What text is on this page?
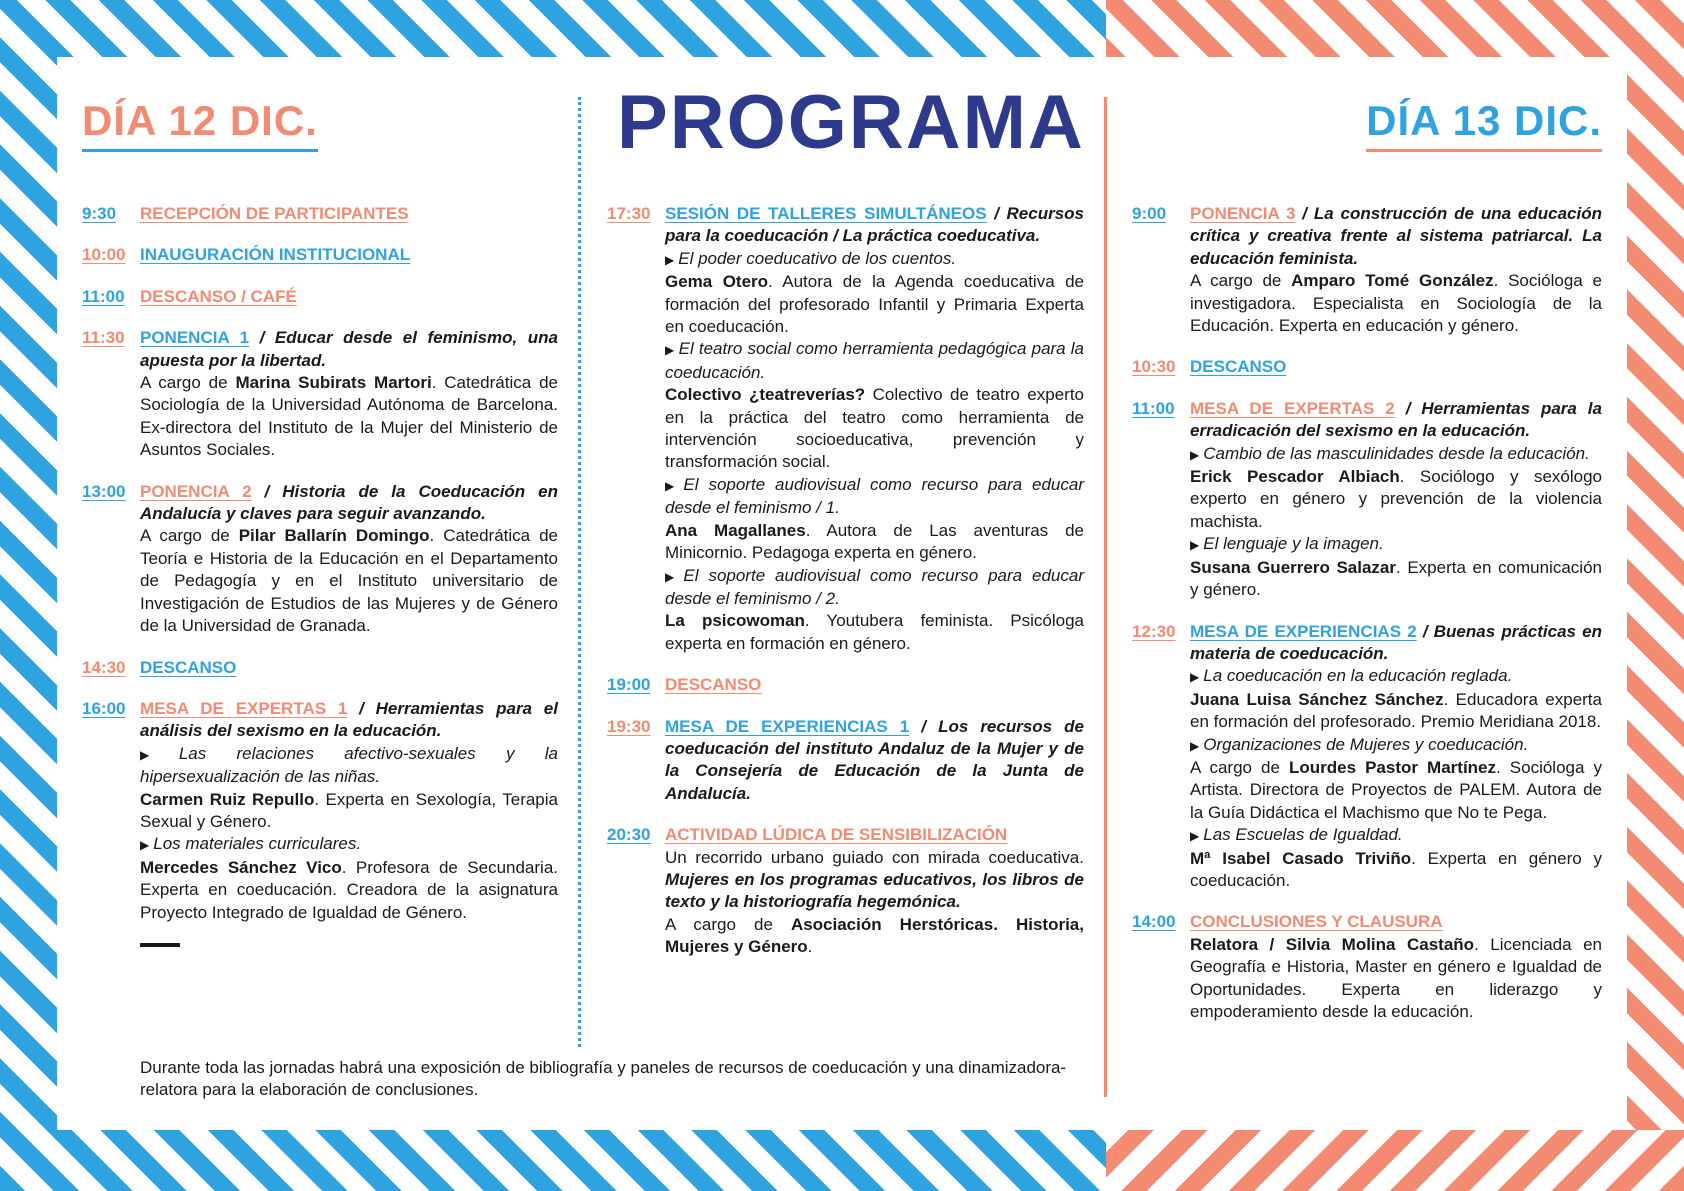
DÍA 12 DIC.	PROGRAMA	DÍA 13 DIC.
9:30	RECEPCIÓN DE PARTICIPANTES
10:00 INAUGURACIÓN INSTITUCIONAL
11:00 DESCANSO / CAFÉ
11:30 PONENCIA 1 / Educar desde el feminismo, una apuesta por la libertad.
A cargo de Marina Subirats Martori. Catedrática de Sociología de la Universidad Autónoma de Barcelona. Ex-directora del Instituto de la Mujer del Ministerio de Asuntos Sociales.
13:00 PONENCIA 2 / Historia de la Coeducación en Andalucía y claves para seguir avanzando.
A cargo de Pilar Ballarín Domingo. Catedrática de Teoría e Historia de la Educación en el Departamento de Pedagogía y en el Instituto universitario de Investigación de Estudios de las Mujeres y de Género de la Universidad de Granada.
14:30 DESCANSO
16:00 MESA DE EXPERTAS 1 / Herramientas para el análisis del sexismo en la educación.
▶ Las relaciones afectivo-sexuales y la hipersexualización de las niñas.
Carmen Ruiz Repullo. Experta en Sexología, Terapia Sexual y Género.
▶ Los materiales curriculares.
Mercedes Sánchez Vico. Profesora de Secundaria. Experta en coeducación. Creadora de la asignatura Proyecto Integrado de Igualdad de Género.
17:30 SESIÓN DE TALLERES SIMULTÁNEOS / Recursos para la coeducación / La práctica coeducativa.
▶ El poder coeducativo de los cuentos.
Gema Otero. Autora de la Agenda coeducativa de formación del profesorado Infantil y Primaria Experta en coeducación.
▶ El teatro social como herramienta pedagógica para la coeducación.
Colectivo ¿teatreverías? Colectivo de teatro experto en la práctica del teatro como herramienta de intervención socioeducativa, prevención y transformación social.
▶ El soporte audiovisual como recurso para educar desde el feminismo / 1.
Ana Magallanes. Autora de Las aventuras de Minicornio. Pedagoga experta en género.
▶ El soporte audiovisual como recurso para educar desde el feminismo / 2.
La psicowoman. Youtubera feminista. Psicóloga experta en formación en género.
19:00 DESCANSO
19:30 MESA DE EXPERIENCIAS 1 / Los recursos de coeducación del instituto Andaluz de la Mujer y de la Consejería de Educación de la Junta de Andalucía.
20:30 ACTIVIDAD LÚDICA DE SENSIBILIZACIÓN
Un recorrido urbano guiado con mirada coeducativa. Mujeres en los programas educativos, los libros de texto y la historiografía hegemónica.
A cargo de Asociación Herstóricas. Historia, Mujeres y Género.
9:00	PONENCIA 3 / La construcción de una educación crítica y creativa frente al sistema patriarcal. La educación feminista.
A cargo de Amparo Tomé González. Socióloga e investigadora. Especialista en Sociología de la Educación. Experta en educación y género.
10:30 DESCANSO
11:00 MESA DE EXPERTAS 2 / Herramientas para la erradicación del sexismo en la educación.
▶ Cambio de las masculinidades desde la educación.
Erick Pescador Albiach. Sociólogo y sexólogo experto en género y prevención de la violencia machista.
▶ El lenguaje y la imagen.
Susana Guerrero Salazar. Experta en comunicación y género.
12:30 MESA DE EXPERIENCIAS 2 / Buenas prácticas en materia de coeducación.
▶ La coeducación en la educación reglada.
Juana Luisa Sánchez Sánchez. Educadora experta en formación del profesorado. Premio Meridiana 2018.
▶ Organizaciones de Mujeres y coeducación.
A cargo de Lourdes Pastor Martínez. Socióloga y Artista. Directora de Proyectos de PALEM. Autora de la Guía Didáctica el Machismo que No te Pega.
▶ Las Escuelas de Igualdad.
Mª Isabel Casado Triviño. Experta en género y coeducación.
14:00 CONCLUSIONES Y CLAUSURA
Relatora / Silvia Molina Castaño. Licenciada en Geografía e Historia, Master en género e Igualdad de Oportunidades. Experta en liderazgo y empoderamiento desde la educación.

Durante toda las jornadas habrá una exposición de bibliografía y paneles de recursos de coeducación y una dinamizadora-relatora para la elaboración de conclusiones.
